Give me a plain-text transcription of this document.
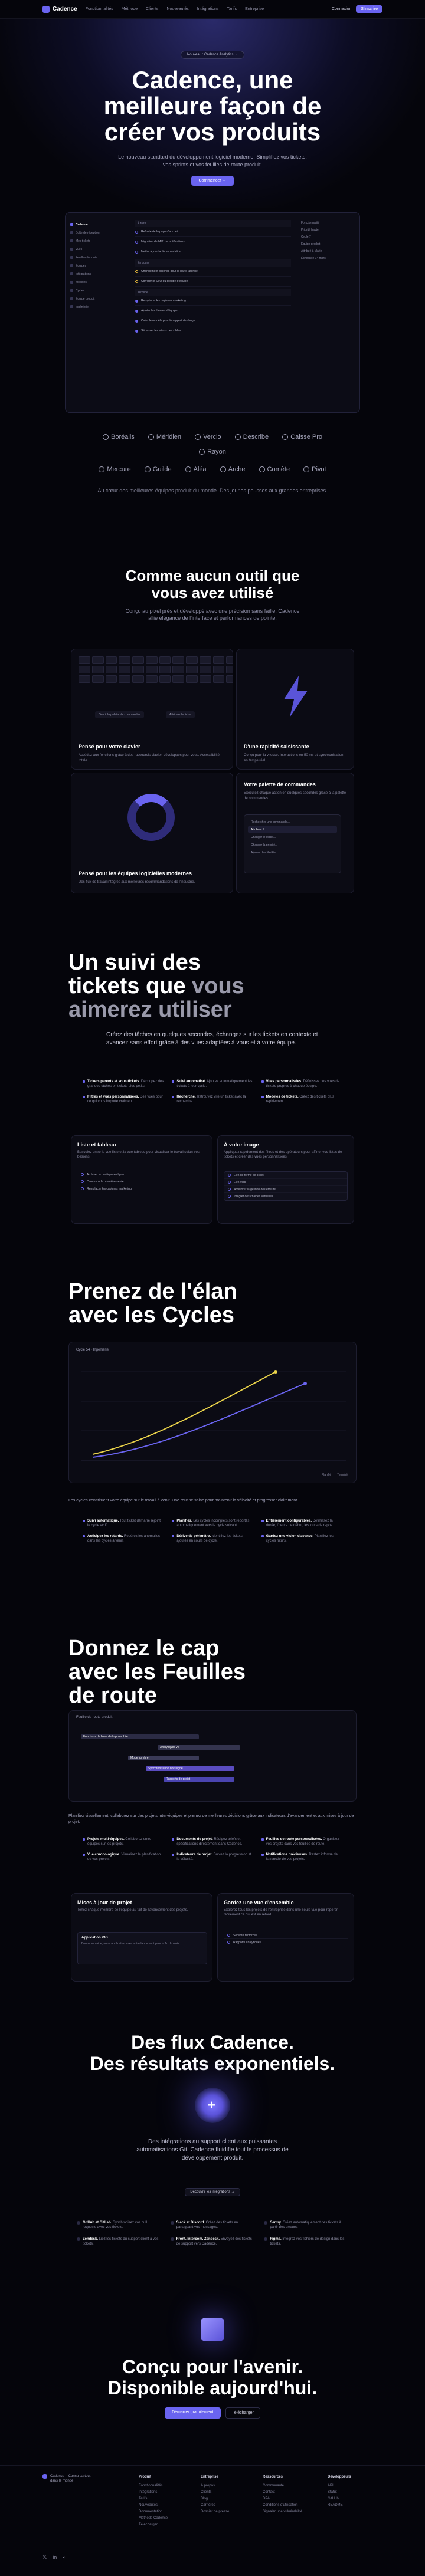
Cadence Fonctionnalités Méthode Clients Nouveautés Intégrations Tarifs Entreprise	Connexion	S'inscrire
Nouveau : Cadence Analytics →
Cadence, une meilleure façon de créer vos produits

Le nouveau standard du développement logiciel moderne. Simplifiez vos tickets, vos sprints et vos feuilles de route produit.

Commencer →
Cadence
Boîte de réception
Mes tickets
Vues
Feuilles de route
Équipes
Intégrations
Modèles
Cycles
Équipe produit
Ingénierie
À faire
Refonte de la page d'accueil
Migration de l'API de notifications
Mettre à jour la documentation
En cours
Changement d'icônes pour la barre latérale
Corriger le SSO du groupe d'équipe
Terminé
Remplacer les captures marketing
Ajouter les thèmes d'équipe
Créer le modèle pour le rapport des bugs
Sécuriser les jetons des cibles
Fonctionnalité
Priorité haute
Cycle 7
Équipe produit
Attribué à Marie
Échéance 14 mars
Boréalis	Méridien	Vercio	Describe	Caisse Pro
Rayon
Mercure	Guilde	Aléa	Arche	Comète	Pivot
Au cœur des meilleures équipes produit du monde. Des jeunes pousses aux grandes entreprises.
Comme aucun outil que vous avez utilisé
Conçu au pixel près et développé avec une précision sans faille, Cadence allie élégance de l'interface et performances de pointe.
Ouvrir la palette de commandes	Attribuer le ticket
Pensé pour votre clavier

Accédez aux fonctions grâce à des raccourcis clavier, développés pour vous. Accessibilité totale.

D'une rapidité saisissante

Conçu pour la vitesse. Interactions en 50 ms et synchronisation en temps réel.

Pensé pour les équipes logicielles modernes

Des flux de travail intégrés aux meilleures recommandations de l'industrie.

Votre palette de commandes

Exécutez chaque action en quelques secondes grâce à la palette de commandes.

Rechercher une commande...
Attribuer à...
Changer le statut...
Changer la priorité...
Ajouter des libellés...
Un suivi des
tickets que vous
aimerez utiliser
Créez des tâches en quelques secondes, échangez sur les tickets en contexte et avancez sans effort grâce à des vues adaptées à vous et à votre équipe.
Tickets parents et sous-tickets. Découpez des grandes tâches en tickets plus petits.
Suivi automatisé. Ajoutez automatiquement les tickets à leur cycle.
Vues personnalisées. Définissez des vues de tickets propres à chaque équipe.
Filtres et vues personnalisées. Des vues pour ce qui vous importe vraiment.
Recherche. Retrouvez vite un ticket avec la recherche.
Modèles de tickets. Créez des tickets plus rapidement.
Liste et tableau
Basculez entre la vue liste et la vue tableau pour visualiser le travail selon vos besoins.
Archiver la boutique en ligne
Concevoir la première vente
Remplacer les captures marketing
À votre image
Appliquez rapidement des filtres et des opérateurs pour affiner vos listes de tickets et créer des vues personnalisées.
Lien de forme de ticket
Lien vers
Améliorer la gestion des erreurs
Intégrer des chaines virtuelles
Prenez de l'élan avec les Cycles
Cycle 54 · Ingénierie
Planifié Terminé
Les cycles constituent votre équipe sur le travail à venir. Une routine saine pour maintenir la vélocité et progresser clairement.
Suivi automatique. Tout ticket démarré rejoint le cycle actif.
Planifiés. Les cycles incomplets sont reportés automatiquement vers le cycle suivant.
Entièrement configurables. Définissez la durée, l'heure de début, les jours de repos.
Anticipez les retards. Repérez les anomalies dans les cycles à venir.
Dérive de périmètre. Identifiez les tickets ajoutés en cours de cycle.
Gardez une vision d'avance. Planifiez les cycles futurs.
Donnez le cap avec les Feuilles de route
Feuille de route produit
Fonctions de base de l'app mobile
Analytiques v2
Mode sombre
Synchronisation hors ligne
Rapports de projet
Planifiez visuellement, collaborez sur des projets inter-équipes et prenez de meilleures décisions grâce aux indicateurs d'avancement et aux mises à jour de projet.
Projets multi-équipes. Collaborez entre équipes sur les projets.
Documents de projet. Rédigez briefs et spécifications directement dans Cadence.
Feuilles de route personnalisées. Organisez vos projets dans vos feuilles de route.
Vue chronologique. Visualisez la planification de vos projets.
Indicateurs de projet. Suivez la progression et la vélocité.
Notifications précieuses. Restez informé de l'avancée de vos projets.
Mises à jour de projet
Tenez chaque membre de l'équipe au fait de l'avancement des projets.
Application iOS
Bonne semaine, notre application avec notre lancement pour la fin du mois.
Gardez une vue d'ensemble
Explorez tous les projets de l'entreprise dans une seule vue pour repérer facilement ce qui est en retard.
Sécurité renforcée
Rapports analytiques
Des flux Cadence.
Des résultats exponentiels.
+
Des intégrations au support client aux puissantes automatisations Git, Cadence fluidifie tout le processus de développement produit.
Découvrir les intégrations →
GitHub et GitLab. Synchronisez vos pull requests avec vos tickets.
Slack et Discord. Créez des tickets en partageant vos messages.
Sentry. Créez automatiquement des tickets à partir des erreurs.
Zendesk. Liez les tickets du support client à vos tickets.
Front, Intercom, Zendesk. Envoyez des tickets de support vers Cadence.
Figma. Intégrez vos fichiers de design dans les tickets.
Conçu pour l'avenir.
Disponible aujourd'hui.
Démarrer gratuitement	Télécharger
Cadence – Conçu partout dans le monde
Produit
Fonctionnalités
Intégrations
Tarifs
Nouveautés
Documentation
Méthode Cadence
Télécharger
Entreprise
À propos
Clients
Blog
Carrières
Dossier de presse
Ressources
Communauté
Contact
DPA
Conditions d'utilisation
Signaler une vulnérabilité
Développeurs
API
Statut
GitHub
README
𝕏 in ◐
